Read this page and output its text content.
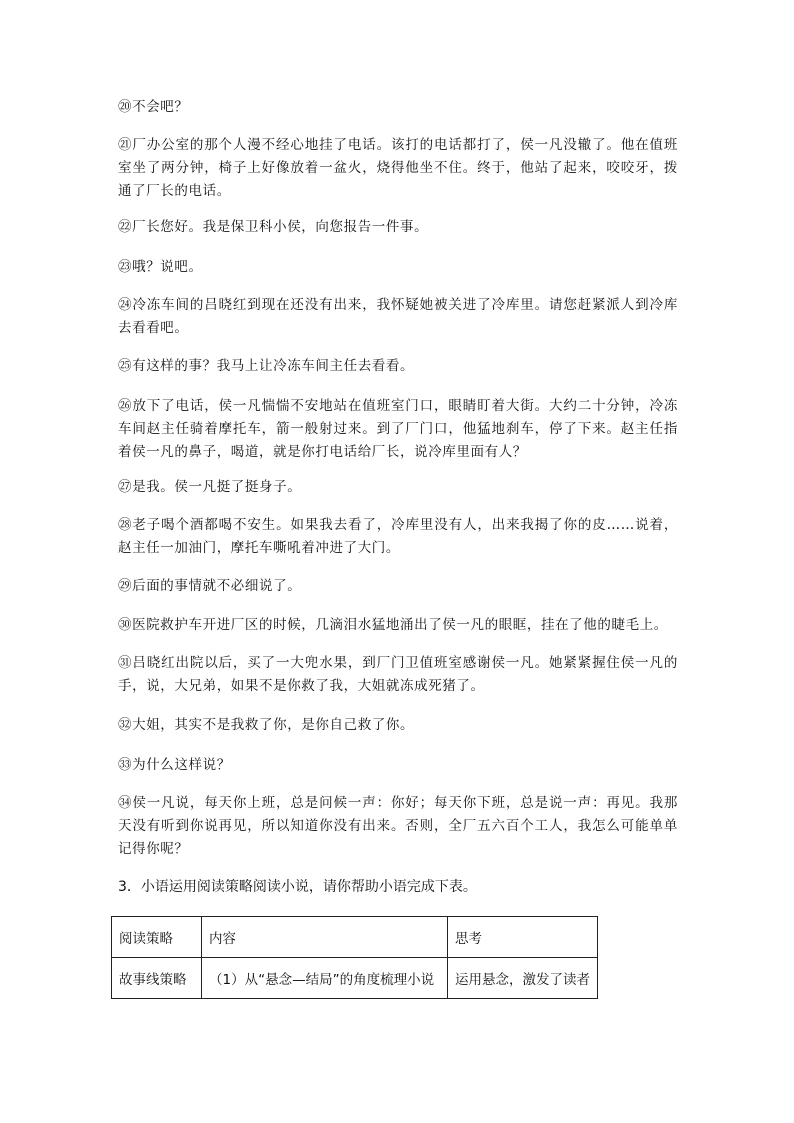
⑳不会吧？

㉑厂办公室的那个人漫不经心地挂了电话。该打的电话都打了，侯一凡没辙了。他在值班室坐了两分钟，椅子上好像放着一盆火，烧得他坐不住。终于，他站了起来，咬咬牙，拨通了厂长的电话。

㉒厂长您好。我是保卫科小侯，向您报告一件事。

㉓哦？说吧。

㉔冷冻车间的吕晓红到现在还没有出来，我怀疑她被关进了冷库里。请您赶紧派人到冷库去看看吧。

㉕有这样的事？我马上让冷冻车间主任去看看。

㉖放下了电话，侯一凡惴惴不安地站在值班室门口，眼睛盯着大街。大约二十分钟，冷冻车间赵主任骑着摩托车，箭一般射过来。到了厂门口，他猛地刹车，停了下来。赵主任指着侯一凡的鼻子，喝道，就是你打电话给厂长，说冷库里面有人？

㉗是我。侯一凡挺了挺身子。

㉘老子喝个酒都喝不安生。如果我去看了，冷库里没有人，出来我揭了你的皮……说着，赵主任一加油门，摩托车嘶吼着冲进了大门。

㉙后面的事情就不必细说了。

㉚医院救护车开进厂区的时候，几滴泪水猛地涌出了侯一凡的眼眶，挂在了他的睫毛上。

㉛吕晓红出院以后，买了一大兜水果，到厂门卫值班室感谢侯一凡。她紧紧握住侯一凡的手，说，大兄弟，如果不是你救了我，大姐就冻成死猪了。

㉜大姐，其实不是我救了你，是你自己救了你。

㉝为什么这样说？

㉞侯一凡说，每天你上班，总是问候一声：你好；每天你下班，总是说一声：再见。我那天没有听到你说再见，所以知道你没有出来。否则，全厂五六百个工人，我怎么可能单单记得你呢？

3．小语运用阅读策略阅读小说，请你帮助小语完成下表。

阅读策略	内容	思考
故事线策略	（1）从“悬念—结局”的角度梳理小说	运用悬念，激发了读者
